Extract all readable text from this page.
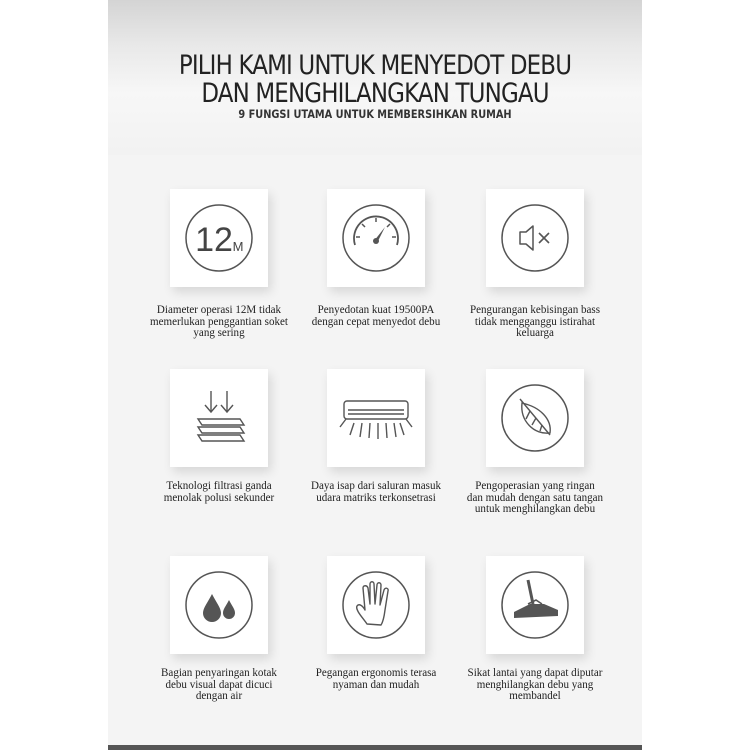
PILIH KAMI UNTUK MENYEDOT DEBU
DAN MENGHILANGKAN TUNGAU
9 FUNGSI UTAMA UNTUK MEMBERSIHKAN RUMAH
12 M
Diameter operasi 12M tidak memerlukan penggantian soket yang sering
Penyedotan kuat 19500PA dengan cepat menyedot debu
Pengurangan kebisingan bass tidak mengganggu istirahat keluarga
Teknologi filtrasi ganda menolak polusi sekunder
Daya isap dari saluran masuk udara matriks terkonsetrasi
Pengoperasian yang ringan dan mudah dengan satu tangan untuk menghilangkan debu
Bagian penyaringan kotak debu visual dapat dicuci dengan air
Pegangan ergonomis terasa nyaman dan mudah
Sikat lantai yang dapat diputar menghilangkan debu yang membandel
